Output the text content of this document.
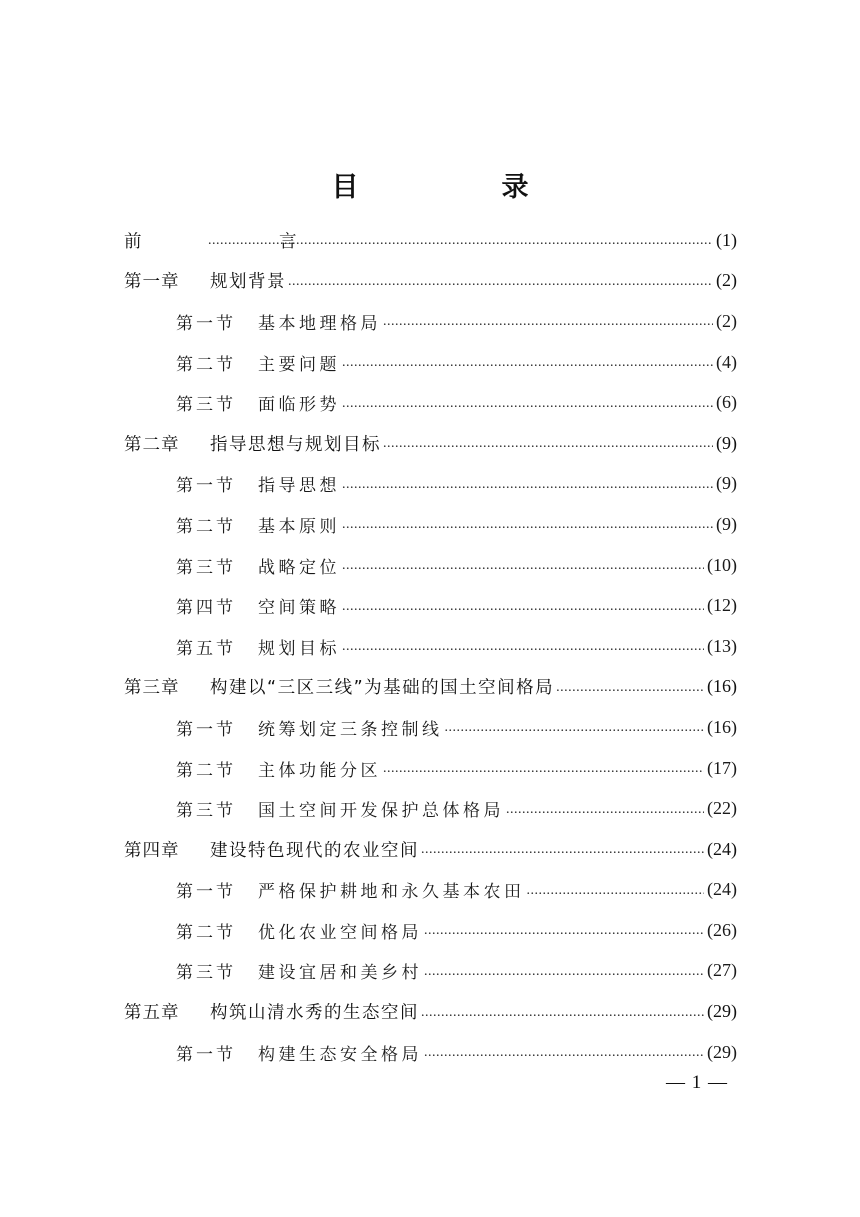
目　录
前　言 .....	(1)
第一章	规划背景 .....	(2)
第一节	基本地理格局 .....	(2)
第二节	主要问题 .....	(4)
第三节	面临形势 .....	(6)
第二章	指导思想与规划目标 .....	(9)
第一节	指导思想 .....	(9)
第二节	基本原则 .....	(9)
第三节	战略定位 .....	(10)
第四节	空间策略 .....	(12)
第五节	规划目标 .....	(13)
第三章	构建以“三区三线”为基础的国土空间格局 .....	(16)
第一节	统筹划定三条控制线 .....	(16)
第二节	主体功能分区 .....	(17)
第三节	国土空间开发保护总体格局 .....	(22)
第四章	建设特色现代的农业空间 .....	(24)
第一节	严格保护耕地和永久基本农田 .....	(24)
第二节	优化农业空间格局 .....	(26)
第三节	建设宜居和美乡村 .....	(27)
第五章	构筑山清水秀的生态空间 .....	(29)
第一节	构建生态安全格局 .....	(29)
— 1 —
